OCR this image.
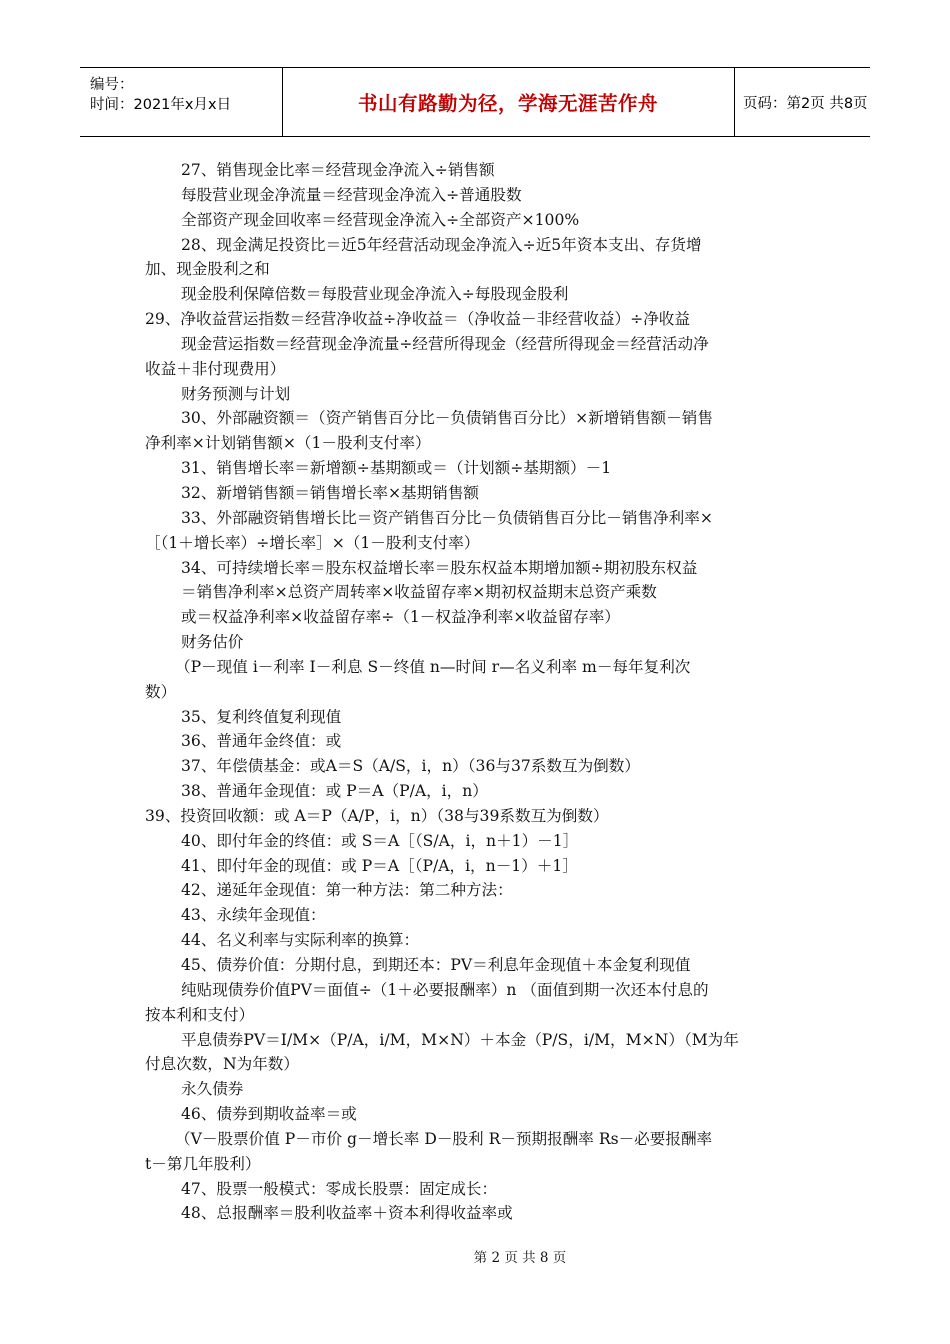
编号：
时间：2021年x月x日	书山有路勤为径，学海无涯苦作舟	页码：第2页 共8页
27、销售现金比率＝经营现金净流入÷销售额
每股营业现金净流量＝经营现金净流入÷普通股数
全部资产现金回收率＝经营现金净流入÷全部资产×100%
28、现金满足投资比＝近5年经营活动现金净流入÷近5年资本支出、存货增
加、现金股利之和
现金股利保障倍数＝每股营业现金净流入÷每股现金股利
29、净收益营运指数＝经营净收益÷净收益＝（净收益－非经营收益）÷净收益
现金营运指数＝经营现金净流量÷经营所得现金（经营所得现金＝经营活动净
收益＋非付现费用）
财务预测与计划
30、外部融资额＝（资产销售百分比－负债销售百分比）×新增销售额－销售
净利率×计划销售额×（1－股利支付率）
31、销售增长率＝新增额÷基期额或＝（计划额÷基期额）－1
32、新增销售额＝销售增长率×基期销售额
33、外部融资销售增长比＝资产销售百分比－负债销售百分比－销售净利率×
［（1＋增长率）÷增长率］×（1－股利支付率）
34、可持续增长率＝股东权益增长率＝股东权益本期增加额÷期初股东权益
＝销售净利率×总资产周转率×收益留存率×期初权益期末总资产乘数
或＝权益净利率×收益留存率÷（1－权益净利率×收益留存率）
财务估价
（P－现值 i－利率 I－利息 S－终值 n—时间 r—名义利率 m－每年复利次
数）
35、复利终值复利现值
36、普通年金终值：或
37、年偿债基金：或A＝S（A/S，i，n）（36与37系数互为倒数）
38、普通年金现值：或 P＝A（P/A，i，n）
39、投资回收额：或 A＝P（A/P，i，n）（38与39系数互为倒数）
40、即付年金的终值：或 S＝A［（S/A，i，n＋1）－1］
41、即付年金的现值：或 P＝A［（P/A，i，n－1）＋1］
42、递延年金现值：第一种方法：第二种方法：
43、永续年金现值：
44、名义利率与实际利率的换算：
45、债券价值：分期付息，到期还本：PV＝利息年金现值＋本金复利现值
纯贴现债券价值PV＝面值÷（1＋必要报酬率）n （面值到期一次还本付息的
按本利和支付）
平息债券PV＝I/M×（P/A，i/M，M×N）＋本金（P/S，i/M，M×N）（M为年
付息次数，N为年数）
永久债券
46、债券到期收益率＝或
（V－股票价值 P－市价 g－增长率 D－股利 R－预期报酬率 Rs－必要报酬率
t－第几年股利）
47、股票一般模式：零成长股票：固定成长：
48、总报酬率＝股利收益率＋资本利得收益率或
第 2 页 共 8 页
